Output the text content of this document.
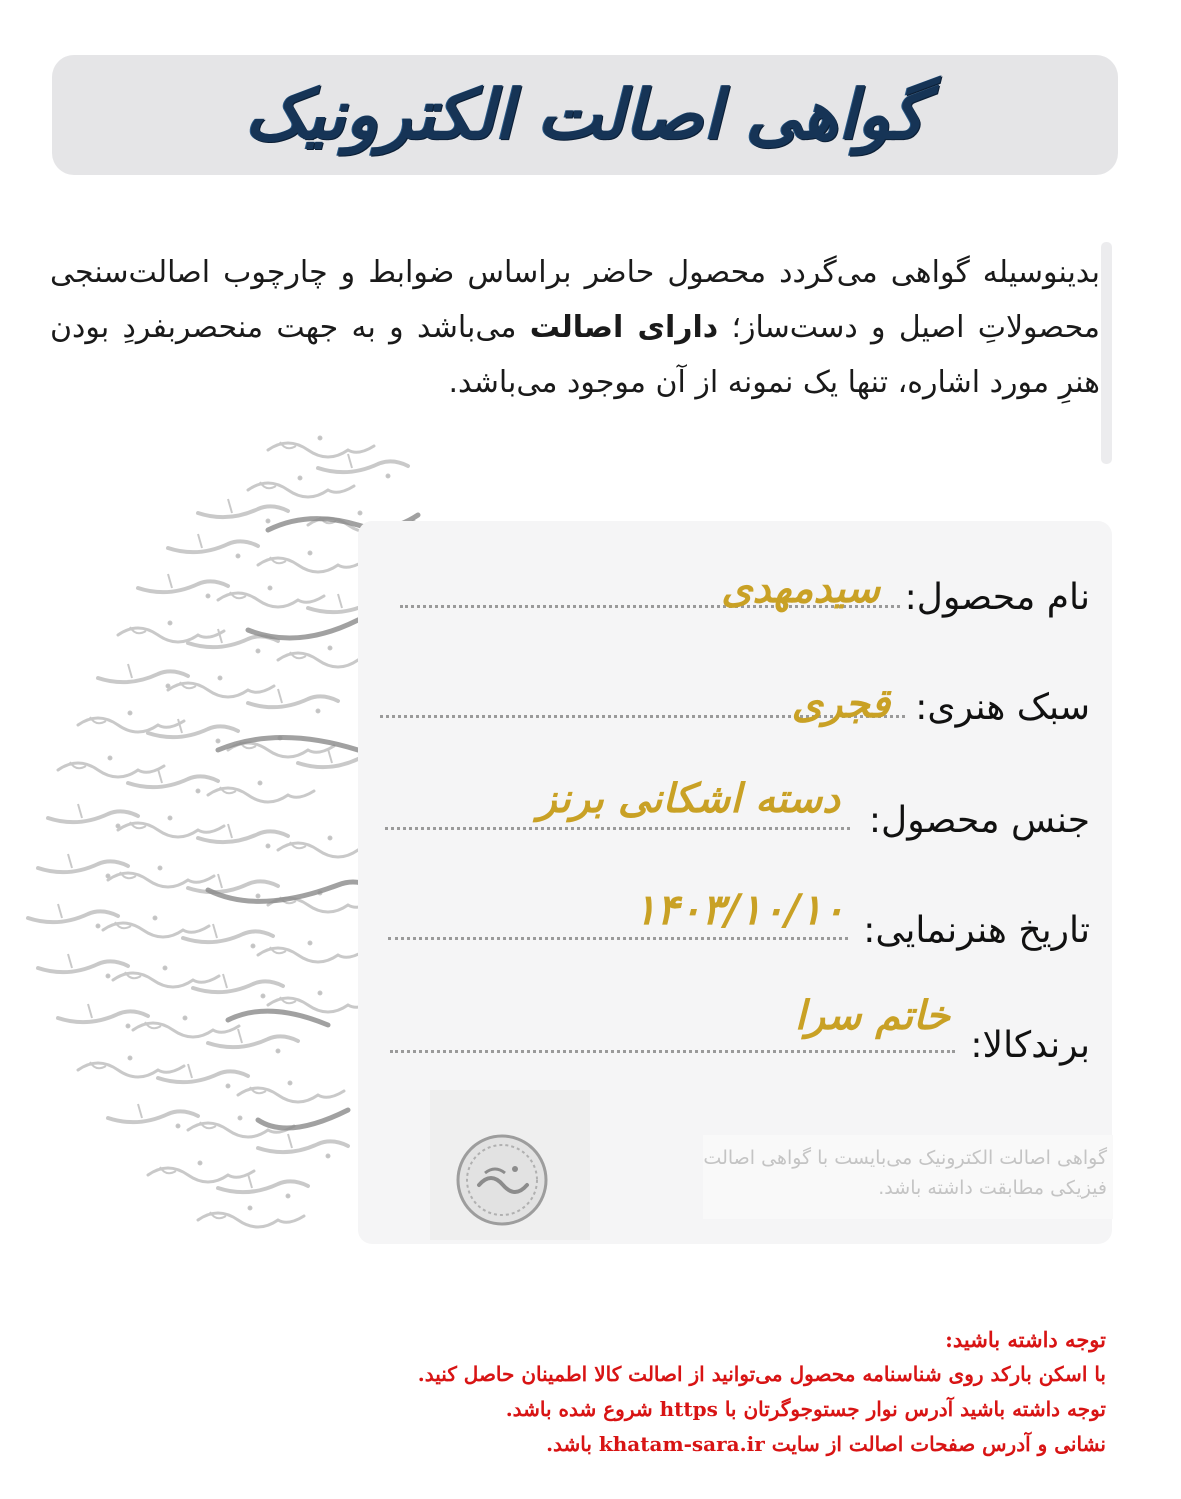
گواهی اصالت الکترونیک
بدینوسیله گواهی می‌گردد محصول حاضر براساس ضوابط و چارچوب اصالت‌سنجی محصولاتِ اصیل و دست‌ساز؛ دارای اصالت می‌باشد و به جهت منحصربفردِ بودن هنرِ مورد اشاره، تنها یک نمونه از آن موجود می‌باشد.
نام محصول:
سیدمهدی
سبک هنری:
قجری
جنس محصول:
دسته اشکانی برنز
تاریخ هنرنمایی:
۱۴۰۳/۱۰/۱۰
برندکالا:
خاتم سرا
گواهی اصالت الکترونیک می‌بایست با گواهی اصالت فیزیکی مطابقت داشته باشد.
توجه داشته باشید:
با اسکن بارکد روی شناسنامه محصول می‌توانید از اصالت کالا اطمینان حاصل کنید.
توجه داشته باشید آدرس نوار جستوجوگرتان با https شروع شده باشد.
نشانی و آدرس صفحات اصالت از سایت khatam-sara.ir باشد.
